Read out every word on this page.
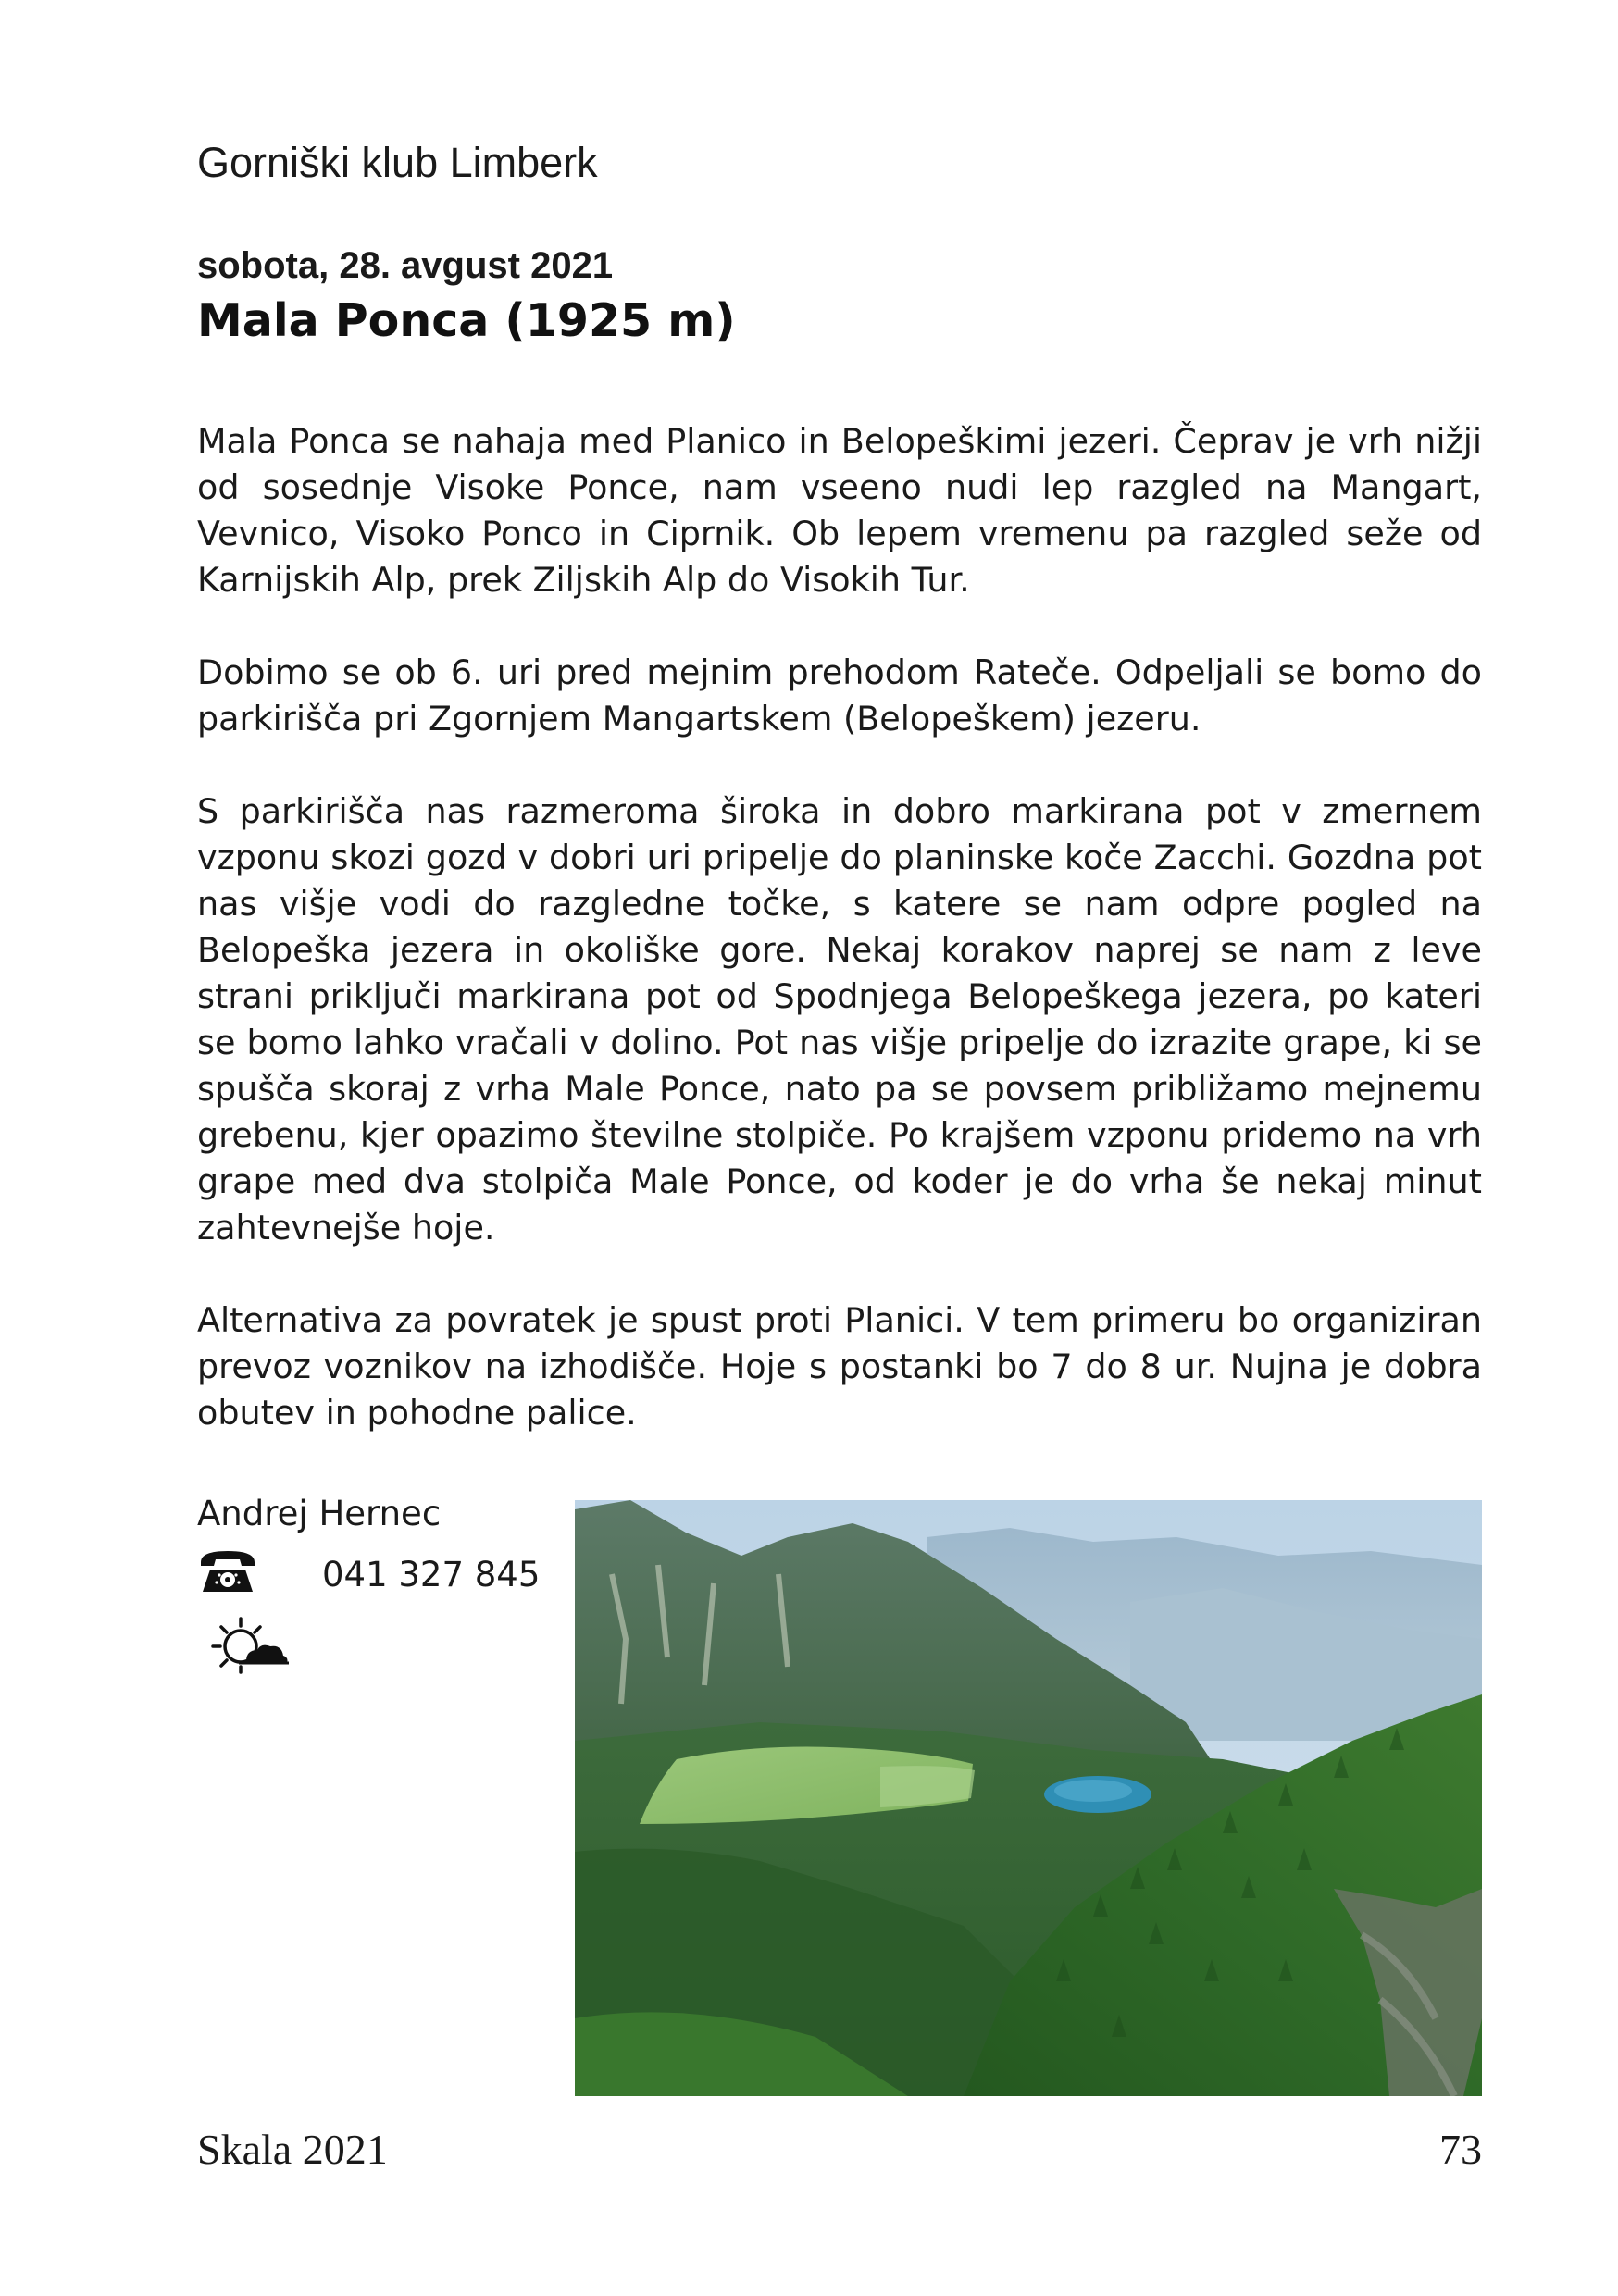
Gorniški klub Limberk
sobota, 28. avgust 2021
Mala Ponca (1925 m)

Mala Ponca se nahaja med Planico in Belopeškimi jezeri. Čeprav je vrh nižji od sosednje Visoke Ponce, nam vseeno nudi lep razgled na Mangart, Vevnico, Visoko Ponco in Ciprnik. Ob lepem vremenu pa razgled seže od Karnijskih Alp, prek Ziljskih Alp do Visokih Tur.

Dobimo se ob 6. uri pred mejnim prehodom Rateče. Odpeljali se bomo do parkirišča pri Zgornjem Mangartskem (Belopeškem) jezeru.

S parkirišča nas razmeroma široka in dobro markirana pot v zmernem vzponu skozi gozd v dobri uri pripelje do planinske koče Zacchi. Gozdna pot nas višje vodi do razgledne točke, s katere se nam odpre pogled na Belopeška jezera in okoliške gore. Nekaj korakov naprej se nam z leve strani priključi markirana pot od Spodnjega Belopeškega jezera, po kateri se bomo lahko vračali v dolino. Pot nas višje pripelje do izrazite grape, ki se spušča skoraj z vrha Male Ponce, nato pa se povsem približamo mejnemu grebenu, kjer opazimo številne stolpiče. Po krajšem vzponu pridemo na vrh grape med dva stolpiča Male Ponce, od koder je do vrha še nekaj minut zahtevnejše hoje.

Alternativa za povratek je spust proti Planici. V tem primeru bo organiziran prevoz voznikov na izhodišče. Hoje s postanki bo 7 do 8 ur. Nujna je dobra obutev in pohodne palice.

Andrej Hernec
041 327 845
Skala 2021	73
